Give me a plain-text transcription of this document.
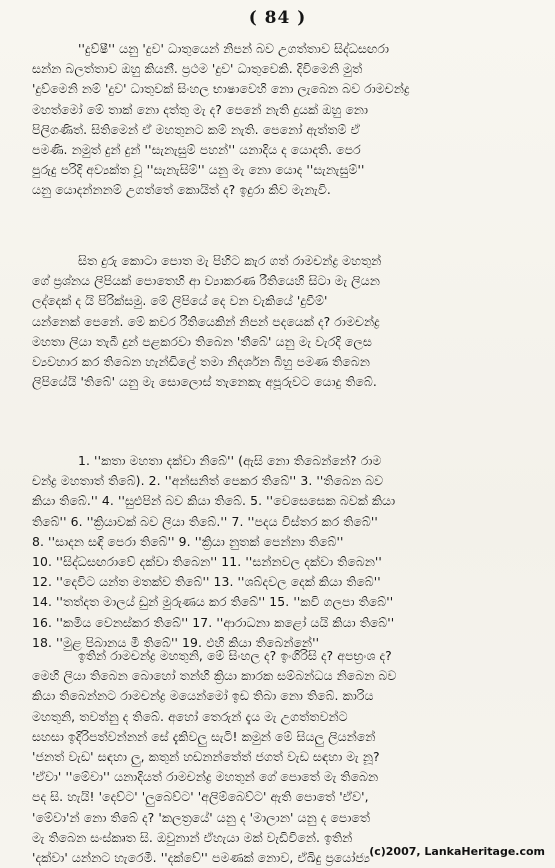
( 84 )
''දුව්ෂී'' යනු 'දුව' ධාතුයෙන් නිපන් බව උගත්තාව සිද්ධසඟරා
සන්න බලත්තාව ඔහු කියනී. ප්‍රථම 'දුව' ධාතුවෙකි. දිවිමෙනි මුත්
'දුව්මෙනි නම් 'දුව' ධාතුවක් සිංහල භාෂාවෙහි නො ලැබෙන බව රාමචන්ද්‍ර
මහත්මෝ මේ තාක් නො දත්තු මැ ද? පෙනේ නැති දුයක් ඔහු නො
පිලිගණිත්. සිතිමෙන් ඒ මහතුනට කම් නැති. පෙනෝ ඇත්තම් ඒ
පමණි. නමුත් දුන් දුන් ''සැනැසුම් පහන්'' යනාදිය ද යොදති. පෙර
පුරුදු පරිදි අව්‍යක්ත වූ ''සැනැසිම්'' යනු මැ නො යොද ''සැනැසුම්''
යනු යොදන්නනම් උගත්තේ කොයිත් ද? ඉදුරා කිව මැනැවි.
සිත දුරු කොටා පොත මැ පිහිට කැර ගත් රාමචන්ද්‍ර මහතුන්
ගේ ප්‍රශ්නය ලිපියක් පොතෙහි ආ ව්‍යාකරණ රීතියෙහි සිටා මැ ලියන
ලද්දෙක් ද යි පිරික්සමු. මේ ලිපියේ දෙ වන වැකියේ 'දුවීම්'
යන්නෙක් පෙනේ. මේ කවර රීතියෙකින් නිපන් පදයෙක් ද? රාමචන්ද්‍ර
මහතා ලියා තැබී දුන් පළකරවා තිබෙන 'තීබේ' යනු මැ වැරදි ලෙස
ව්‍යවහාර කර තිබෙන හැන්ඩිලේ තමා නිදර්ශන බිහු පමණ තිබෙන
ලිපියේයි 'තිබේ' යනු මැ සොලොස් තැනෙකැ අපූරුවට යොදු තිබේ.
1. ''කතා මහතා දක්වා නිබේ'' (ඇසි නො තිබෙන්නේ? රාම
චන්ද්‍ර මහතාත් තිබේ). 2. ''අන්සනිත් පෙකර තිබේ'' 3. ''තිබෙන බව
කියා තිබේ.'' 4. ''සුළුපින් බව කියා තිබේ. 5. ''වෙසෙසෙක බවක් කියා
තිබේ'' 6. ''ක්‍රියාවක් බව ලියා තිබේ.'' 7. ''පදය විස්තර කර තිබේ''
8. ''සාදන සඳි පෙරා තිබේ'' 9. ''ක්‍රියා නුතක් පෙන්නා තිබේ''
10. ''සිද්ධසඟරාවේ දක්වා තිබෙන'' 11. ''සන්නවල දක්වා තිබෙන''
12. ''දෙවිට යන්ත මතක්ව තිබේ'' 13. ''ශබ්දවල දෙක් කියා තිබේ''
14. ''තත්දත මාලය් ඩුන් මුරුණය කර තිබේ'' 15. ''කවි ගලපා තිබේ''
16. ''කමිය වෙනස්කර තිබේ'' 17. ''ආරාධනා කළෝ යයි කියා තිබේ''
18. ''මුළ පිබානය මී තිබේ'' 19. ඵහි කියා තිබෙන්නේ''
ඉතින් රාමචන්ද්‍ර මහතුනි, මේ සිංහල ද? ඉංගිරිසි ද? අපභ්‍රංශ ද?
මෙහි ලියා තිබෙන බොහෝ තන්හි ක්‍රියා කාරක සම්බන්ධය නිබෙන බව
කියා තිබෙන්නට රාමචන්ද්‍ර මයෙන්මෝ ඉඩ තිබා නො තිබේ. කාරිය
මහතුනි, තවත්නු ද තිබේ. අහෝ තෙරුන් දැය මැ උගත්තවන්ට
සහසා ඉදිරිපත්වන්නන් සේ දැකිවලු සැටි! කමුන් මේ සියලු ලියන්නේ
'ජනත් වැඩ' සඳහා ලු, කතුන් හඩනන්තේත් ජගත් වැඩ සඳහා මැ නූ?
'ඒවා' ''මේවා'' යනාදියත් රාමචන්ද්‍ර මහතුන් ගේ පොතේ මැ තිබෙන
පද සි. හැයි! 'දෙව්ට' 'ලුබෙව්ට' 'අලිම්බෙව්ට' ඇති පොතේ 'ඒව',
'මේවා'න් නො තිබේ ද? 'කලත්‍රයේ' යනු ද 'මාලාන' යනු ද පොතේ
මැ තිබෙන සංස්කෘත සි. ඔවුනාන් ඒහැයා මක් වැඩිවිනේ. ඉතින්
'දක්වා' යන්නට හැරෙමී. ''දක්වේ'' පමණක් නොව, ඒඛිදු ප්‍රයෝජ්‍ය (c)2007, LankaHeritage.com
